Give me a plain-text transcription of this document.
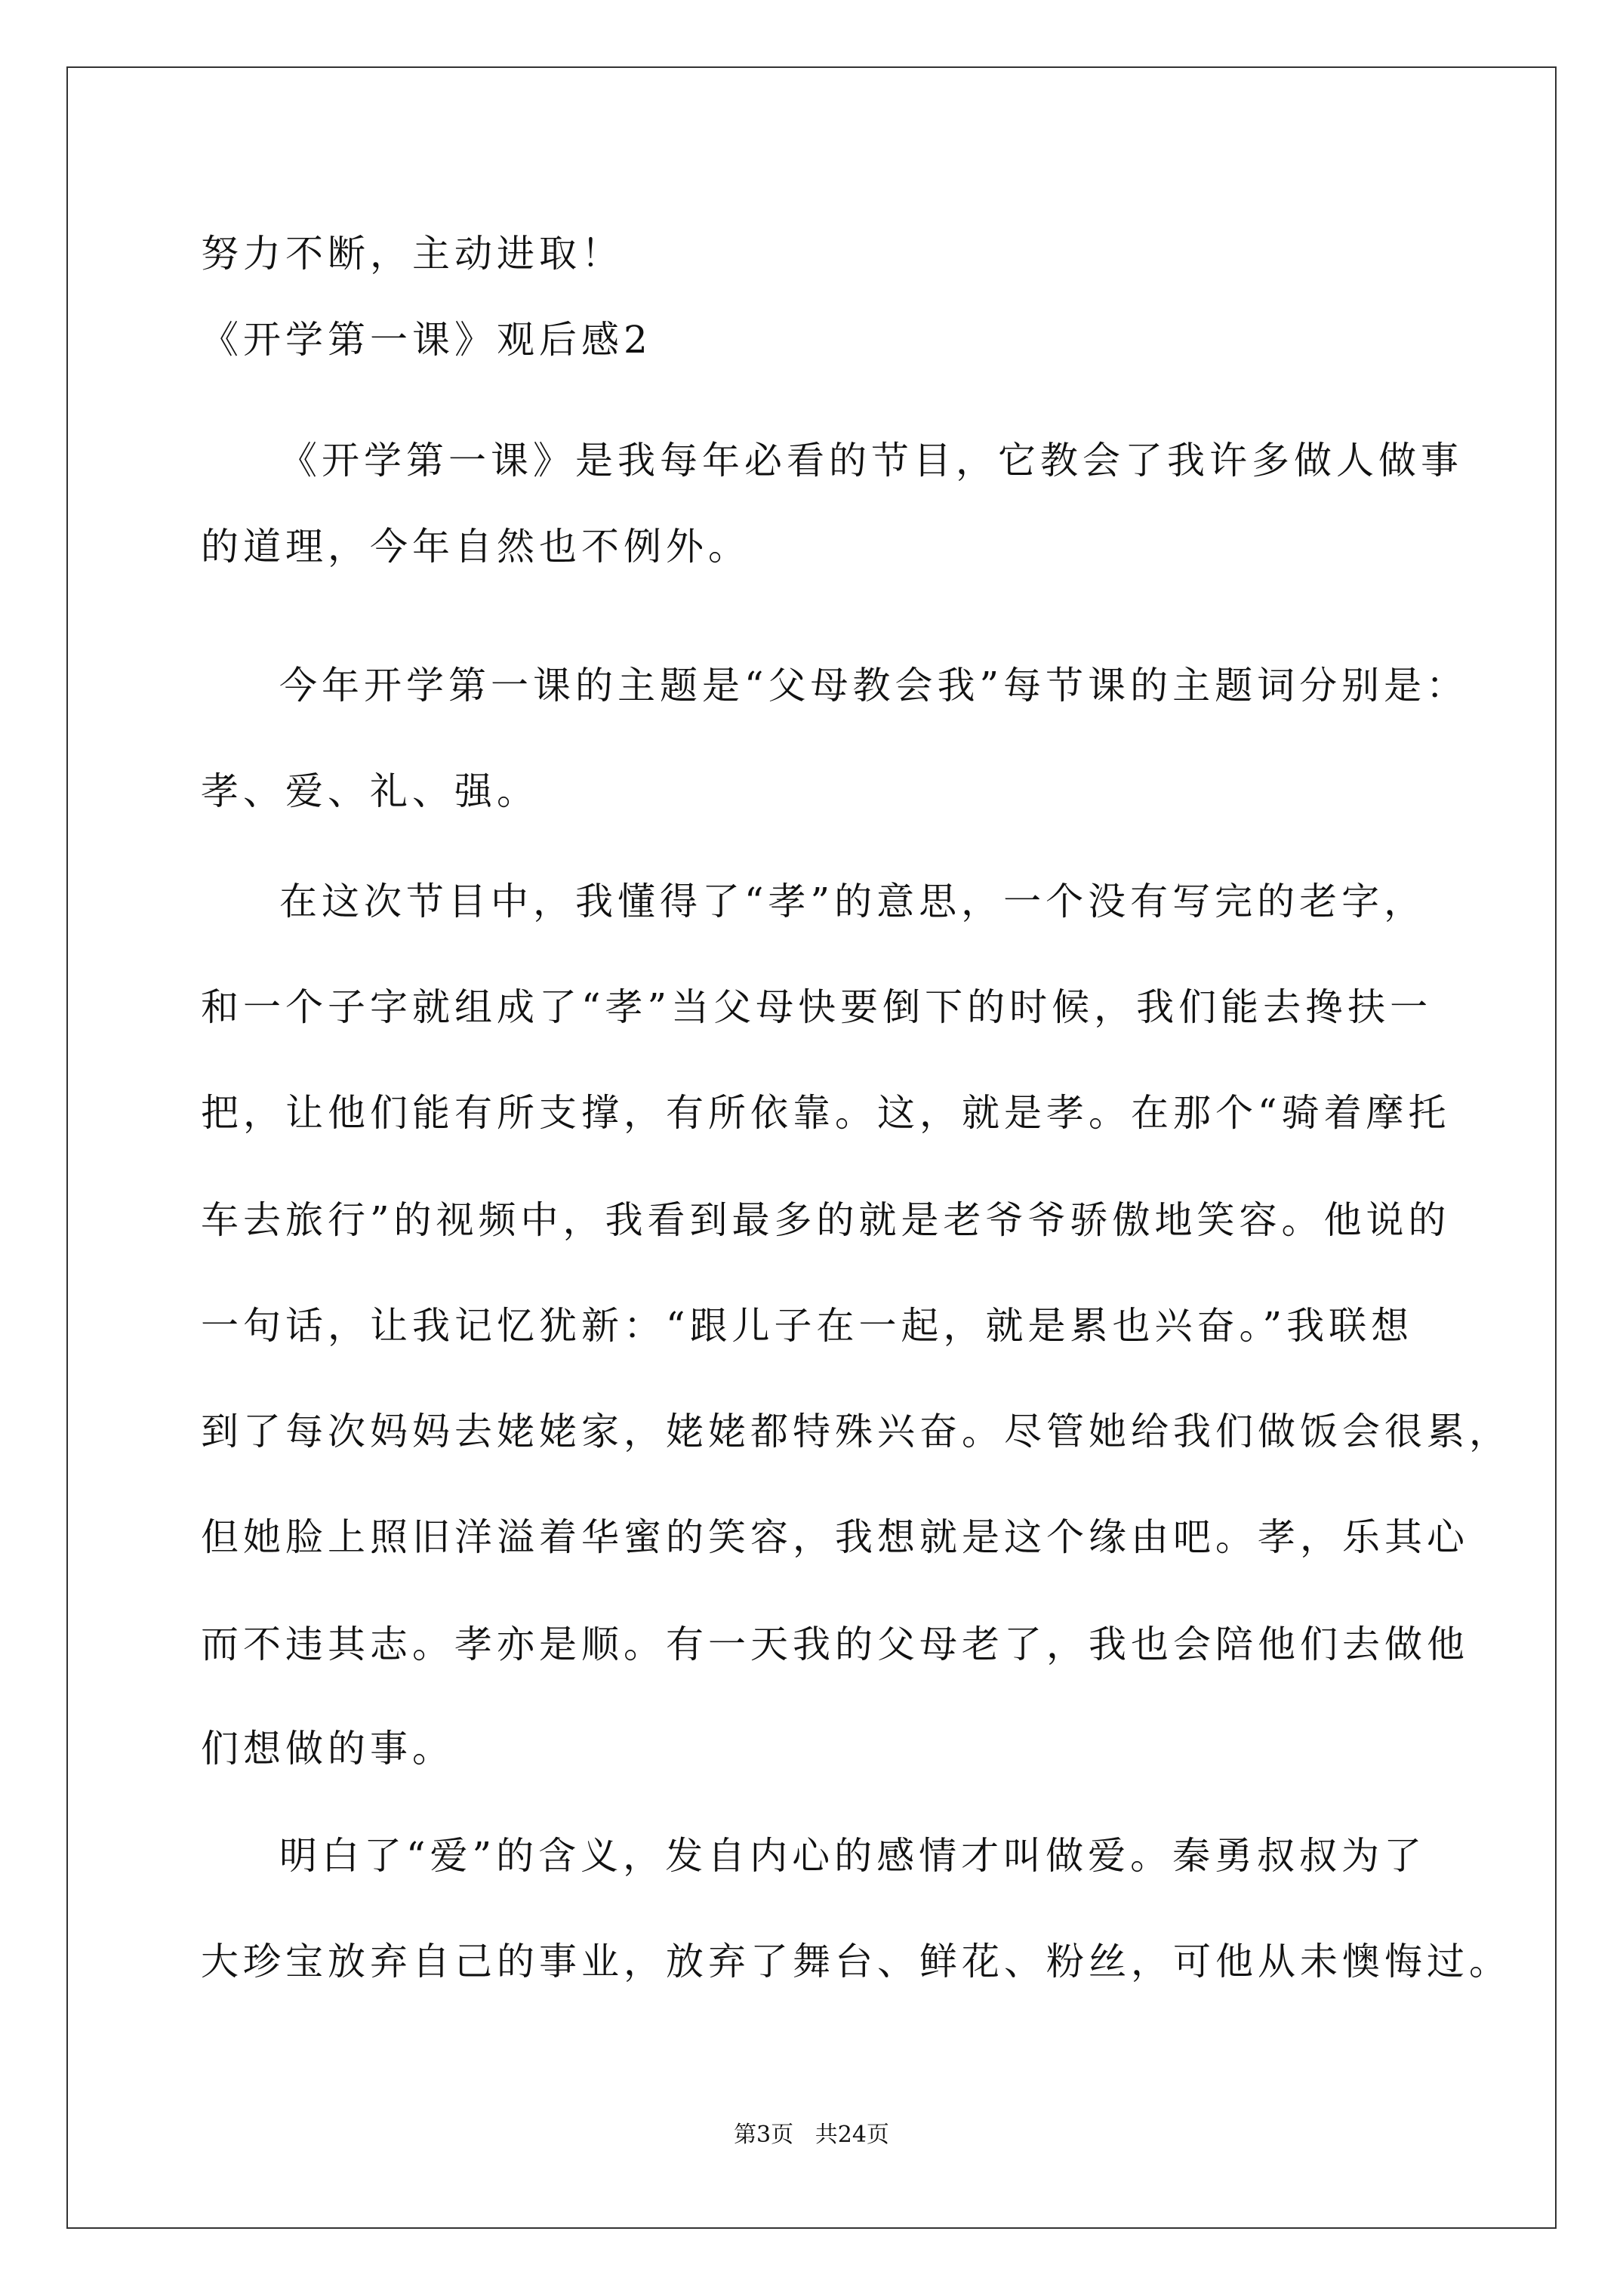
努力不断，主动进取！
《开学第一课》观后感2
《开学第一课》是我每年必看的节目，它教会了我许多做人做事
的道理，今年自然也不例外。
今年开学第一课的主题是“父母教会我”每节课的主题词分别是：
孝、爱、礼、强。
在这次节目中，我懂得了“孝”的意思，一个没有写完的老字，
和一个子字就组成了“孝”当父母快要倒下的时候，我们能去搀扶一
把，让他们能有所支撑，有所依靠。这，就是孝。在那个“骑着摩托
车去旅行”的视频中，我看到最多的就是老爷爷骄傲地笑容。他说的
一句话，让我记忆犹新：“跟儿子在一起，就是累也兴奋。”我联想
到了每次妈妈去姥姥家，姥姥都特殊兴奋。尽管她给我们做饭会很累，
但她脸上照旧洋溢着华蜜的笑容，我想就是这个缘由吧。孝，乐其心
而不违其志。孝亦是顺。有一天我的父母老了，我也会陪他们去做他
们想做的事。
明白了“爱”的含义，发自内心的感情才叫做爱。秦勇叔叔为了
大珍宝放弃自己的事业，放弃了舞台、鲜花、粉丝，可他从未懊悔过。
第3页   共24页
